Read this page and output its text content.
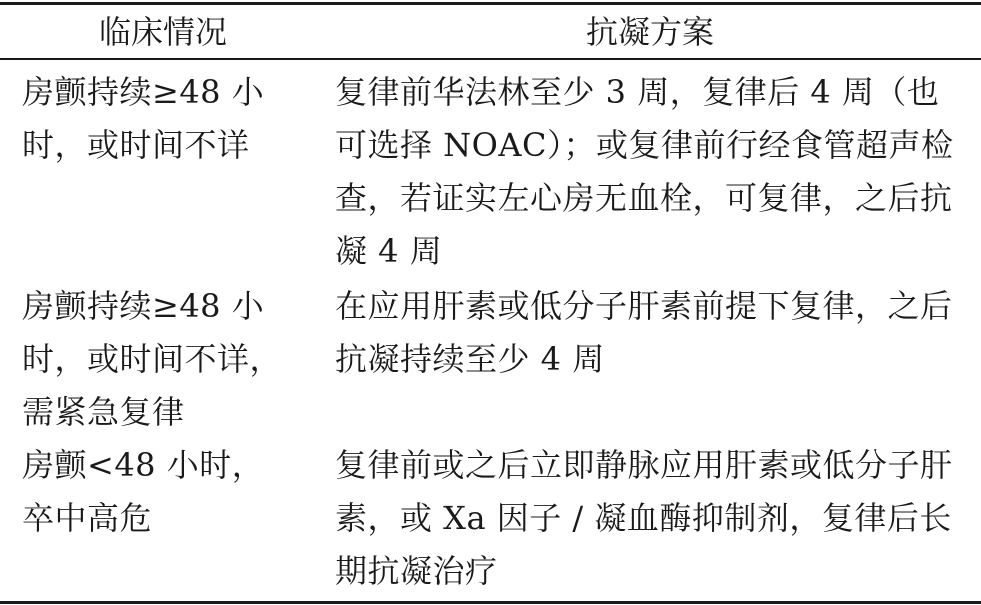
临床情况	抗凝方案
房颤持续≥48 小时，或时间不详
复律前华法林至少 3 周，复律后 4 周（也可选择 NOAC）；或复律前行经食管超声检查，若证实左心房无血栓，可复律，之后抗凝 4 周
房颤持续≥48 小时，或时间不详，需紧急复律
在应用肝素或低分子肝素前提下复律，之后抗凝持续至少 4 周
房颤<48 小时，卒中高危
复律前或之后立即静脉应用肝素或低分子肝素，或 Xa 因子 / 凝血酶抑制剂，复律后长期抗凝治疗
